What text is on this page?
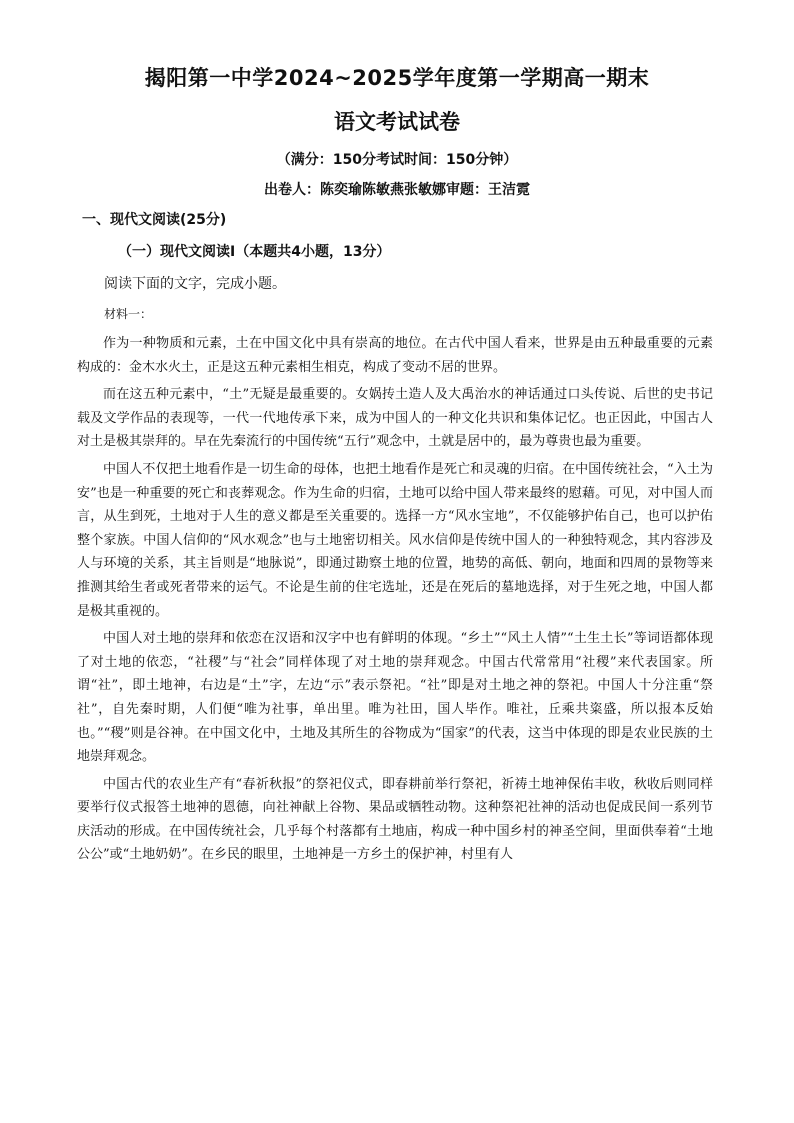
揭阳第一中学2024~2025学年度第一学期高一期末
语文考试试卷
（满分：150分考试时间：150分钟）
出卷人：陈奕瑜陈敏燕张敏娜审题：王洁霓
一、现代文阅读(25分)
（一）现代文阅读Ⅰ（本题共4小题，13分）
阅读下面的文字，完成小题。
材料一：

作为一种物质和元素，土在中国文化中具有崇高的地位。在古代中国人看来，世界是由五种最重要的元素构成的：金木水火土，正是这五种元素相生相克，构成了变动不居的世界。

而在这五种元素中，“土”无疑是最重要的。女娲抟土造人及大禹治水的神话通过口头传说、后世的史书记载及文学作品的表现等，一代一代地传承下来，成为中国人的一种文化共识和集体记忆。也正因此，中国古人对土是极其崇拜的。早在先秦流行的中国传统“五行”观念中，土就是居中的，最为尊贵也最为重要。

中国人不仅把土地看作是一切生命的母体，也把土地看作是死亡和灵魂的归宿。在中国传统社会，“入土为安”也是一种重要的死亡和丧葬观念。作为生命的归宿，土地可以给中国人带来最终的慰藉。可见，对中国人而言，从生到死，土地对于人生的意义都是至关重要的。选择一方“风水宝地”，不仅能够护佑自己，也可以护佑整个家族。中国人信仰的“风水观念”也与土地密切相关。风水信仰是传统中国人的一种独特观念，其内容涉及人与环境的关系，其主旨则是“地脉说”，即通过勘察土地的位置，地势的高低、朝向，地面和四周的景物等来推测其给生者或死者带来的运气。不论是生前的住宅选址，还是在死后的墓地选择，对于生死之地，中国人都是极其重视的。

中国人对土地的崇拜和依恋在汉语和汉字中也有鲜明的体现。“乡土”“风土人情”“土生土长”等词语都体现了对土地的依恋，“社稷”与“社会”同样体现了对土地的崇拜观念。中国古代常常用“社稷”来代表国家。所谓“社”，即土地神，右边是“土”字，左边“示”表示祭祀。“社”即是对土地之神的祭祀。中国人十分注重“祭社”，自先秦时期，人们便“唯为社事，单出里。唯为社田，国人毕作。唯社，丘乘共粢盛，所以报本反始也。”“稷”则是谷神。在中国文化中，土地及其所生的谷物成为“国家”的代表，这当中体现的即是农业民族的土地崇拜观念。

中国古代的农业生产有“春祈秋报”的祭祀仪式，即春耕前举行祭祀，祈祷土地神保佑丰收，秋收后则同样要举行仪式报答土地神的恩德，向社神献上谷物、果品或牺牲动物。这种祭祀社神的活动也促成民间一系列节庆活动的形成。在中国传统社会，几乎每个村落都有土地庙，构成一种中国乡村的神圣空间，里面供奉着“土地公公”或“土地奶奶”。在乡民的眼里，土地神是一方乡土的保护神，村里有人
